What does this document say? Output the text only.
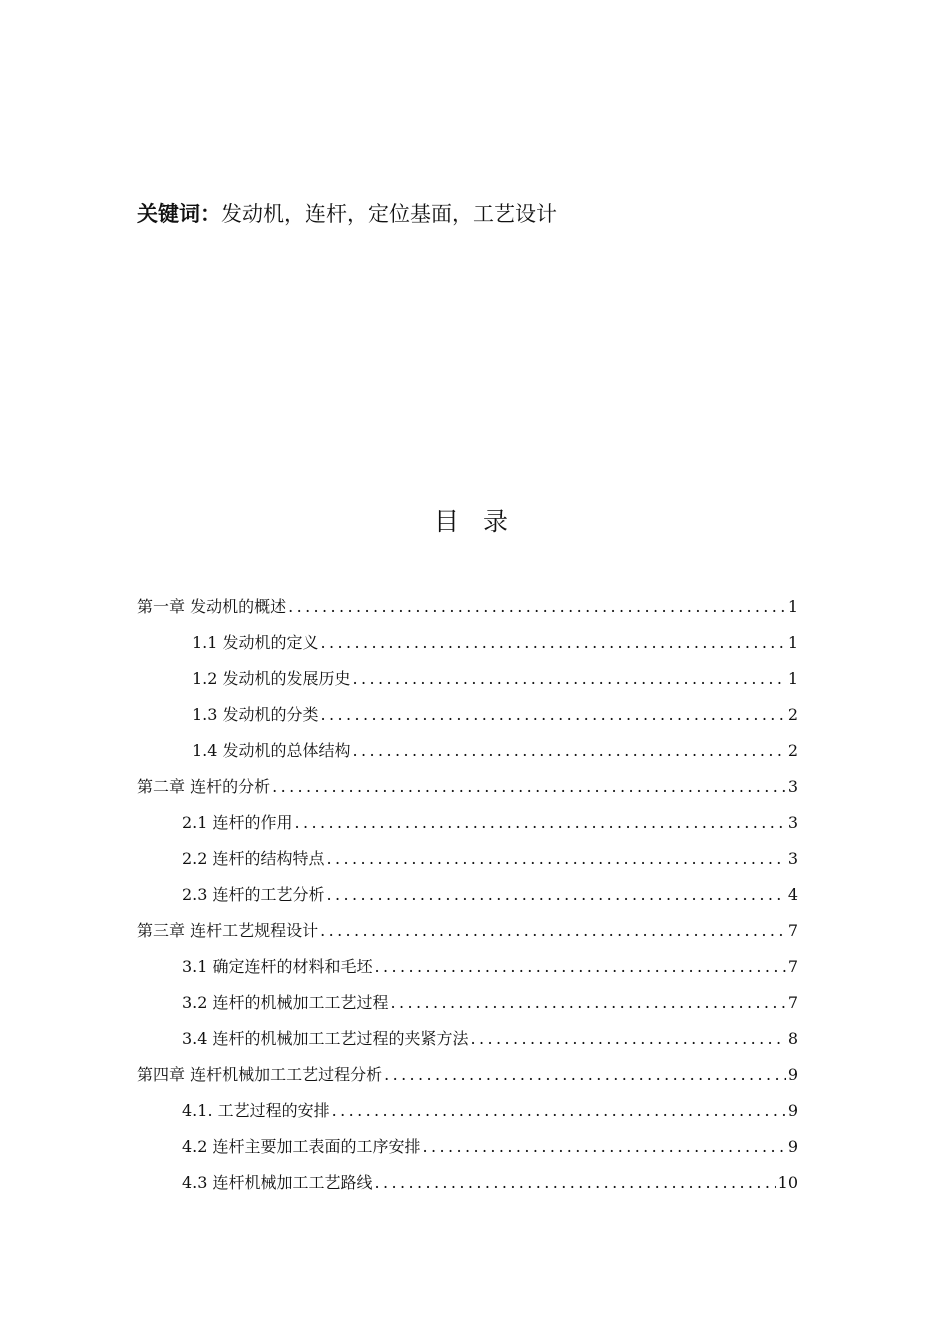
关键词：发动机，连杆，定位基面，工艺设计
目 录
第一章 发动机的概述 .....	1
1.1 发动机的定义 .....	1
1.2 发动机的发展历史 .....	1
1.3 发动机的分类 .....	2
1.4 发动机的总体结构 .....	2
第二章 连杆的分析 .....	3
2.1 连杆的作用 .....	3
2.2 连杆的结构特点 .....	3
2.3 连杆的工艺分析 .....	4
第三章 连杆工艺规程设计 .....	7
3.1 确定连杆的材料和毛坯 .....	7
3.2 连杆的机械加工工艺过程 .....	7
3.4 连杆的机械加工工艺过程的夹紧方法 .....	8
第四章 连杆机械加工工艺过程分析 .....	9
4.1. 工艺过程的安排 .....	9
4.2 连杆主要加工表面的工序安排 .....	9
4.3 连杆机械加工工艺路线 .....	10
